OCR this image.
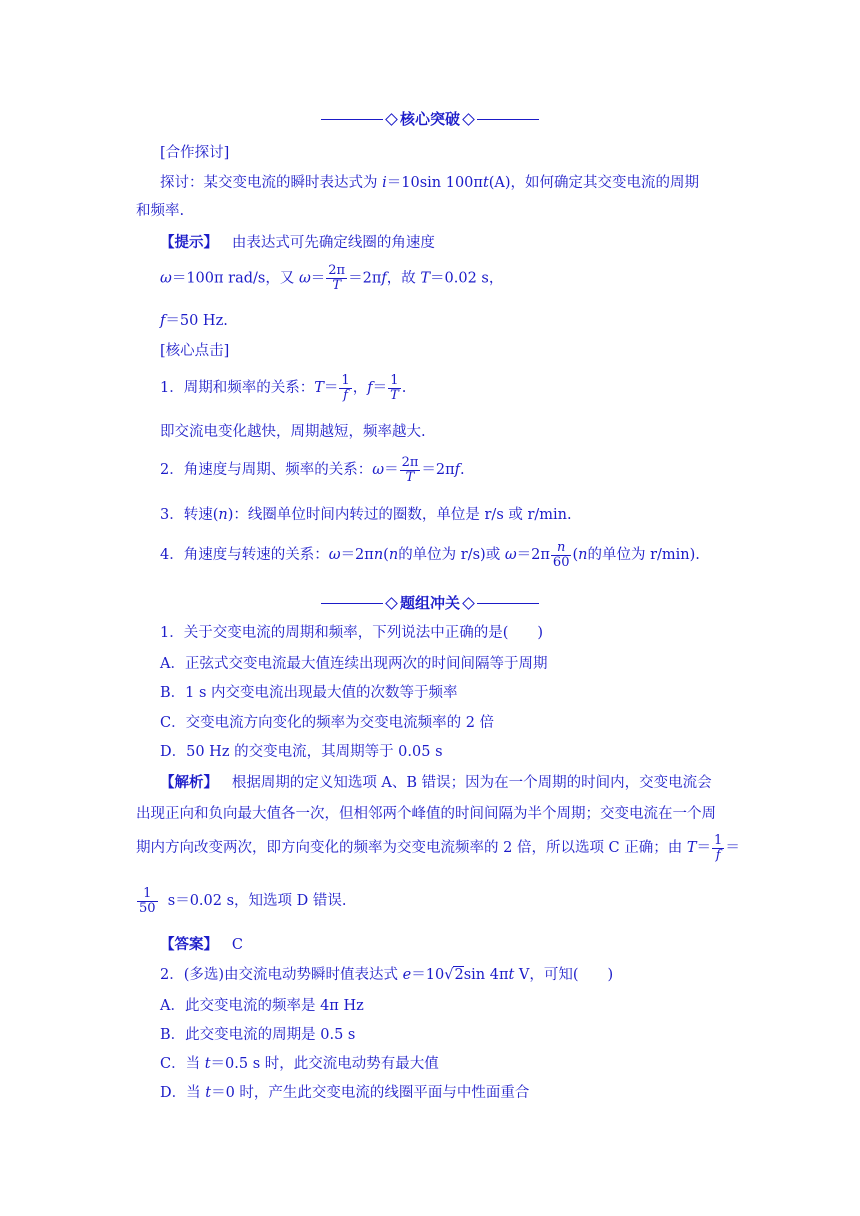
核心突破
[合作探讨]
探讨：某交变电流的瞬时表达式为 i＝10sin 100πt(A)，如何确定其交变电流的周期
和频率.
【提示】 由表达式可先确定线圈的角速度
ω＝100π rad/s，又 $\omega= \frac{2\pi}{T} =2\pi f$，故 T＝0.02 s，
f＝50 Hz.
[核心点击]
1．周期和频率的关系：$T= \frac{1}{f}$ ，$f= \frac{1}{T}$ .
即交流电变化越快，周期越短，频率越大.
2．角速度与周期、频率的关系：$\omega= \frac{2\pi}{T} =2\pi f$.
3．转速(n)：线圈单位时间内转过的圈数，单位是 r/s 或 r/min.
4．角速度与转速的关系：ω＝2πn(n的单位为 r/s)或 $\omega=2\pi \frac{n}{60} (n$的单位为 r/min).
题组冲关
1．关于交变电流的周期和频率，下列说法中正确的是(　　)
A．正弦式交变电流最大值连续出现两次的时间间隔等于周期
B．1 s 内交变电流出现最大值的次数等于频率
C．交变电流方向变化的频率为交变电流频率的 2 倍
D．50 Hz 的交变电流，其周期等于 0.05 s
【解析】 根据周期的定义知选项 A、B 错误；因为在一个周期的时间内，交变电流会
出现正向和负向最大值各一次，但相邻两个峰值的时间间隔为半个周期；交变电流在一个周
期内方向改变两次，即方向变化的频率为交变电流频率的 2 倍，所以选项 C 正确；由 $T= \frac{1}{f}$ ＝
$\frac{1}{50} s=0.02$ s，知选项 D 错误.
【答案】 C
2．(多选)由交流电动势瞬时值表达式 e＝10√2sin 4πt V，可知(　　)
A．此交变电流的频率是 4π Hz
B．此交变电流的周期是 0.5 s
C．当 t＝0.5 s 时，此交流电动势有最大值
D．当 t＝0 时，产生此交变电流的线圈平面与中性面重合
